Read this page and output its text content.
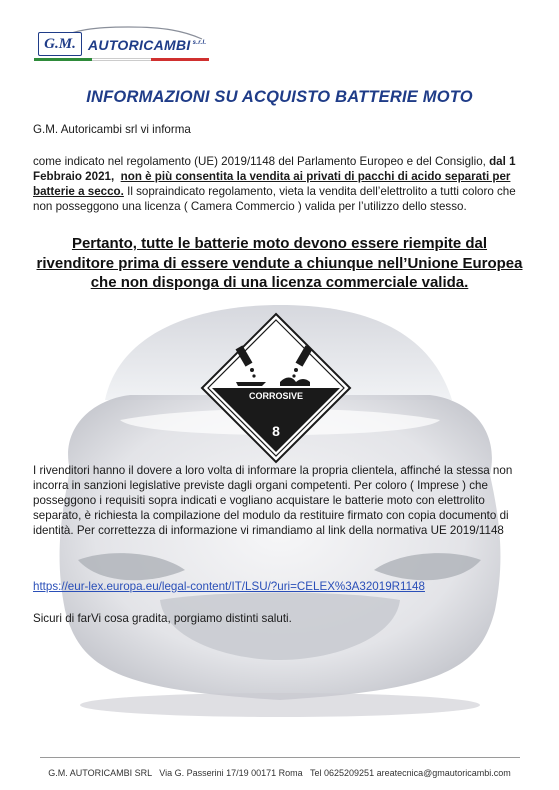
G.M. AUTORICAMBI $^{s.r.l.}$
INFORMAZIONI SU ACQUISTO BATTERIE MOTO
G.M. Autoricambi srl vi informa
come indicato nel regolamento (UE) 2019/1148 del Parlamento Europeo e del Consiglio, dal 1 Febbraio 2021, non è più consentita la vendita ai privati di pacchi di acido separati per batterie a secco. Il sopraindicato regolamento, vieta la vendita dell’elettrolito a tutti coloro che non posseggono una licenza ( Camera Commercio ) valida per l’utilizzo dello stesso.
Pertanto, tutte le batterie moto devono essere riempite dal
rivenditore prima di essere vendute a chiunque nell’Unione Europea
che non disponga di una licenza commerciale valida.
CORROSIVE
8
I rivenditori hanno il dovere a loro volta di informare la propria clientela, affinché la stessa non incorra in sanzioni legislative previste dagli organi competenti. Per coloro ( Imprese ) che posseggono i requisiti sopra indicati e vogliano acquistare le batterie moto con elettrolito separato, è richiesta la compilazione del modulo da restituire firmato con copia documento di identità. Per correttezza di informazione vi rimandiamo al link della normativa UE 2019/1148
https://eur-lex.europa.eu/legal-content/IT/LSU/?uri=CELEX%3A32019R1148
Sicuri di farVi cosa gradita, porgiamo distinti saluti.
G.M. AUTORICAMBI SRL   Via G. Passerini 17/19 00171 Roma   Tel 0625209251 areatecnica@gmautoricambi.com
